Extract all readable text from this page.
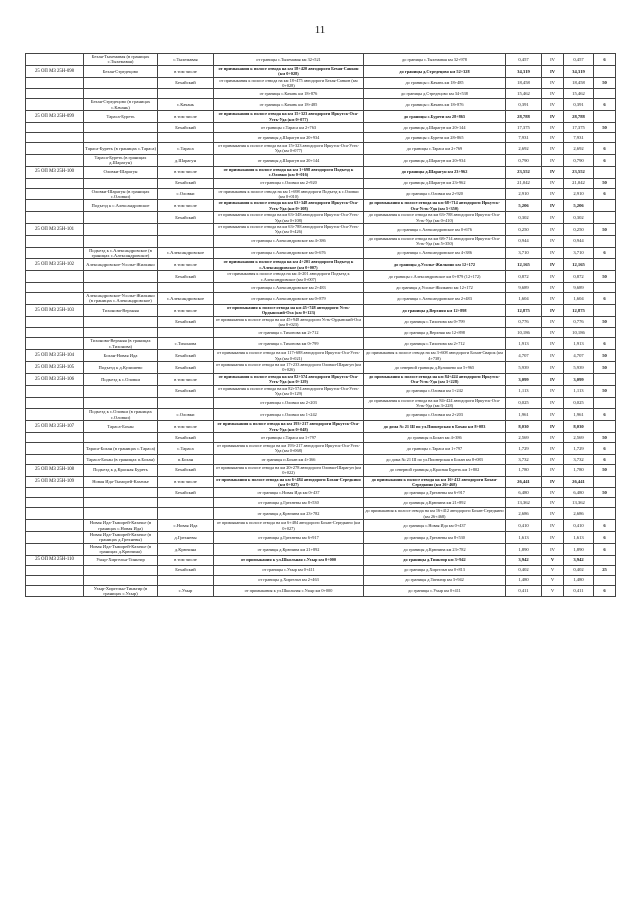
11
	Бехая-Тыхемавая (в границах с.Тыхемавая)	с.Тыхемавая	от границы с.Тыхемавая км 32+521	до границы с.Тыхемавая км 32+978	0,457	IV	0,457	6
25 ОП МЗ 25Н-098	Бехая-Стредецово	в том числе	от примыкания к полосе отвода на км 18+420 автодороги Бехая-Санкон (км 0+028)	до границы д.Стредецово км 52+328	34,319	IV	34,319	
		Бехайский	от примыкания к полосе отвода на км 18+475 автодороги Бехая-Санкон (км 0+028)	до границы с.Качань км 18+485	18,458	IV	18,458	50
			от границы с.Качань км 18+876	до границы д.Стредецово км 34+538	15,462	IV	15,462	
	Бехая-Стредецово (в границах с.Качань)	с.Качань	от границы с.Качань км 18+485	до границы с.Качань км 18+876	0,391	IV	0,391	6
25 ОП МЗ 25Н-099	Тараса-Буреть	в том числе	от примыкания к полосе отвода на км 15+323 автодороги Иркутск-Оса-Усть-Уда (км 0+077)	до границы с.Бурети км 28+865	28,788	IV	28,788	
		Бехайский	от границы с.Тараса км 2+763	до границы д.Шарагун км 20+144	17,375	IV	17,375	50
			от границы д.Шарагун км 20+934	до границы с.Бурети км 28+865	7,931	IV	7,931	
	Тараса-Буреть (в границах с.Тараса)	с.Тараса	от примыкания к полосе отвода на км 15+323 автодороги Иркутск-Оса-Усть-Уда (км 0+077)	до границы с.Тараса км 2+769	2,692	IV	2,692	6
	Тараса-Буреть (в границах д.Шарагун)	д.Шарагун	от границы д.Шарагун км 20+144	до границы д.Шарагун км 20+934	0,790	IV	0,790	6
25 ОП МЗ 25Н-100	Оловки-Шарагун	в том числе	от примыкания к полосе отвода на км 1+698 автодороги Подъезд к с.Оловки (км 0+016)	до границы д.Шарагун км 23+962	23,552	IV	23,552	
		Бехайский	от границы с.Оловки км 2+920	до границы д.Шарагун км 23+962	21,042	IV	21,042	50
	Оловки-Шарагун (в границах с.Оловки)	с.Оловки	от примыкания к полосе отвода на км 1+698 автодороги Подъезд к с.Оловки (км 0+010)	до границы с.Оловки км 2+920	2,910	IV	2,910	6
	Подъезд к с.Александровское	в том числе	от примыкания к полосе отвода на км 63+348 автодороги Иркутск-Оса-Усть-Уда (км 0+108)	до примыкания к полосе отвода на км 68+714 автодороги Иркутск-Оса-Усть-Уда (км 5+350)	5,206	IV	5,206	
		Бехайский	от примыкания к полосе отвода на км 63+348 автодороги Иркутск-Оса-Усть-Уда (км 0+108)	до примыкания к полосе отвода на км 63+788 автодороги Иркутск-Оса-Усть-Уда (км 0+410)	0,302	IV	0,302	
25 ОП МЗ 25Н-101			от примыкания к полосе отвода на км 63+788 автодороги Иркутск-Оса-Усть-Уда (км 0+426)	до границы с.Александровское км 0+676	0,250	IV	0,250	50
			от границы с.Александровское км 4+386	до примыкания к полосе отвода на км 68+714 автодороги Иркутск-Оса-Усть-Уда (км 5+350)	0,944	IV	0,944	
	Подъезд к с.Александровское (в границах с.Александровское)	с.Александровское	от границы с.Александровское км 0+676	до границы с.Александровское км 4+386	3,710	IV	3,710	6
25 ОП МЗ 25Н-102	Александровское-Усолье-Жилкино	в том числе	от примыкания к полосе отвода на км 4+201 автодороги Подъезд к с.Александровское (км 0+007)	до границы д.Усолье-Жилкино км 12+172	12,165	IV	12,165	
		Бехайский	от примыкания к полосе отвода на км 4+201 автодороги Подъезд к с.Александровское (км 0+007)	до границы с.Александровское км 0+879 (12+172)	0,872	IV	0,872	50
			от границы с.Александровское км 2+483	до границы д.Усолье-Жилкино км 12+172	9,689	IV	9,689	
	Александровское-Усолье-Жилкино (в границах с.Александровское)	с.Александровское	от границы с.Александровское км 0+879	до границы с.Александровское км 2+483	1,604	IV	1,604	6
25 ОП МЗ 25Н-103	Тихонова-Верхняя	в том числе	от примыкания к полосе отвода на км 45+748 автодороги Усть-Ордынский-Оса (км 0+123)	до границы д.Верхняя км 12+898	12,875	IV	12,875	
		Бехайский	от примыкания к полосе отвода на км 45+948 автодороги Усть-Ордынский-Оса (км 0+023)	до границы с.Тихонова км 0+799	0,776	IV	0,776	50
			от границы с.Тихонова км 2+712	до границы д.Верхняя км 12+898	10,186	IV	10,186	
	Тихонова-Верхняя (в границах с.Тихонова)	с.Тихонова	от границы с.Тихонова км 0+799	до границы с.Тихонова км 2+712	1,913	IV	1,913	6
25 ОП МЗ 25Н-104	Бохан-Новая Ида	Бехайский	от примыкания к полосе отвода на км 117+688 автодороги Иркутск-Оса-Усть-Уда (км 0+021)	до примыкания к полосе отвода на км 3+608 автодороги Бохан-Сварок (км 4+738)	4,707	IV	4,707	50
25 ОП МЗ 25Н-105	Подъезд к д.Кулишево	Бехайский	от примыкания к полосе отвода на км 17+233 автодороги Оловки-Шарагун (км 0+026)	до северной границы д.Кулишево км 5+965	5,939	IV	5,939	50
25 ОП МЗ 25Н-106	Подъезд к с.Оловки	в том числе	от примыкания к полосе отвода на км 82+574 автодороги Иркутск-Оса-Усть-Уда (км 0+129)	до примыкания к полосе отвода на км 84+424 автодороги Иркутск-Оса-Усть-Уда (км 3+228)	3,099	IV	3,099	
		Бехайский	от примыкания к полосе отвода на км 82+574 автодороги Иркутск-Оса-Усть-Уда (км 0+129)	до границы с.Оловки км 1+242	1,113	IV	1,113	50
			от границы с.Оловки км 2+203	до примыкания к полосе отвода на км 84+424 автодороги Иркутск-Оса-Усть-Уда (км 3+228)	0,025	IV	0,025	
	Подъезд к с.Оловки (в границах с.Оловки)	с.Оловки	от границы с.Оловки км 1+242	до границы с.Оловки км 2+203	1,961	IV	1,961	6
25 ОП МЗ 25Н-107	Тараса-Бохан	в том числе	от примыкания к полосе отвода на км 193+217 автодороги Иркутск-Оса-Усть-Уда (км 0+048)	до домa № 21 Ш по ул.Пионерская в Бохан км 8+083	8,030	IV	8,030	
		Бехайский	от границы с.Тараса км 1+797	до границы п.Бохан км 4+386	2,569	IV	2,569	50
	Тараса-Бохан (в границах с.Тараса)	с.Тараса	от примыкания к полосе отвода на км 193+217 автодороги Иркутск-Оса-Усть-Уда (км 0+068)	до границы с.Тараса км 1+797	1,729	IV	1,729	6
	Тараса-Бохан (в границах п.Бохан)	п.Бохан	от границы п.Бохан км 4+366	до домa № 21 Ш по ул.Пионерская в Бохан км 8+083	3,732	IV	3,732	6
25 ОП МЗ 25Н-108	Подъезд к д.Красная Бурeть	Бехайский	от примыкания к полосе отвода на км 20+278 автодороги Оловки-Шарагун (км 0+022)	до северной границы д.Красная Бурeть км 1+802	1,780	IV	1,780	50
25 ОП МЗ 25Н-109	Новая Ида-Тыморей-Казачье	в том числе	от примыкания к полосе отвода на км 6+484 автодороги Бохан-Середкино (км 0+027)	до примыкания к полосе отвода на км 16+412 автодороги Бохан-Середкино (км 26+468)	26,441	IV	26,441	
		Бехайский	от границы с.Новая Ида км 0+437	до границы д.Грехневы км 6+917	6,480	IV	6,480	50
			от границы д.Грехневы км 8+530	до границы д.Крючина км 21+892	13,362	IV	13,362	
			от границы д.Крючина км 23+782	до примыкания к полосе отвода на км 16+412 автодороги Бохан-Середкино (км 26+468)	2,686	IV	2,686	
	Новая Ида-Тыморей-Казачье (в границах с.Новая Ида)	с.Новая Ида	от примыкания к полосе отвода на км 6+484 автодороги Бохан-Середкино (км 0+027)	до границы с.Новая Ида км 0+437	0,410	IV	0,410	6
	Новая Ида-Тыморей-Казачье (в границах д.Грехневы)	д.Грехневы	от границы д.Грехневы км 6+917	до границы д.Грехневы км 8+530	1,613	IV	1,613	6
	Новая Ида-Тыморей-Казачье (в границах д.Крючина)	д.Крючина	от границы д.Крючина км 21+892	до границы д.Крючина км 23+782	1,890	IV	1,890	6
25 ОП МЗ 25Н-110	Ухыр-Хиргельн-Тиньтир	в том числе	от примыкания к ул.Школьная с.Ухыр км 0+000	до границы д.Тиньтир км 3+942	3,942	V	3,942	
		Бехайский	от границы с.Ухыр км 0+411	до границы д.Хиргельн км 0+813	0,402	V	0,402	25
			от границы д.Хиргельн км 2+463	до границы д.Тиньтир км 3+942	1,480	V	1,480	
	Ухыр-Хиргельн-Тиньтир (в границах с.Ухыр)	с.Ухыр	от примыкания к ул.Школьная с.Ухыр км 0+000	до границы с.Ухыр км 0+411	0,411	V	0,411	6
